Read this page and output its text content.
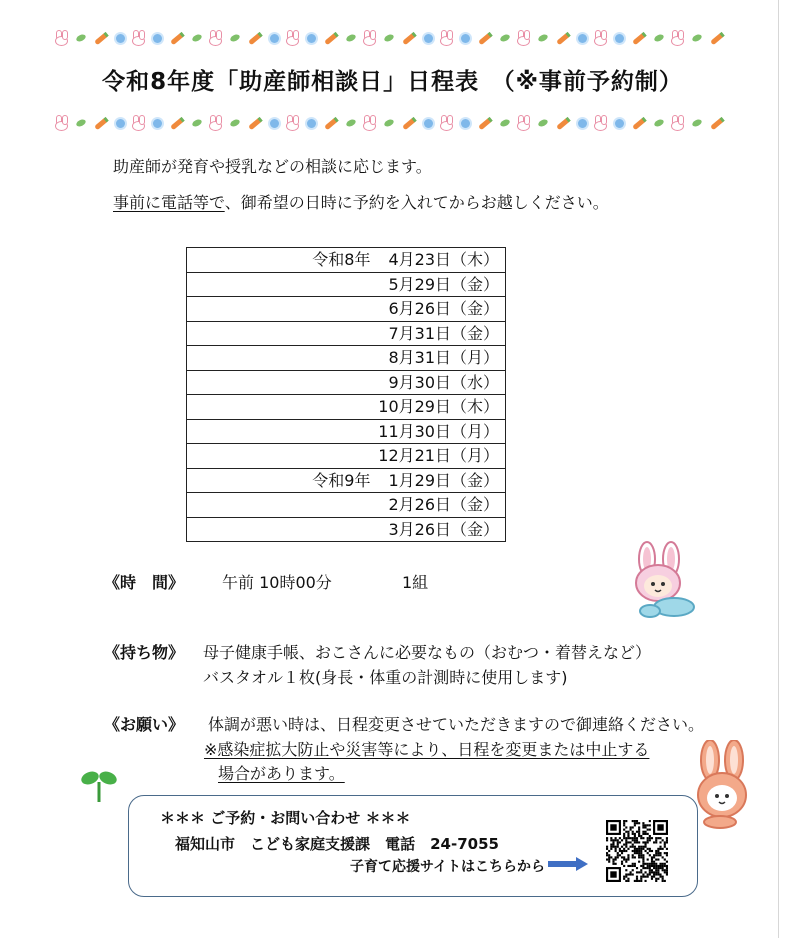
令和8年度「助産師相談日」日程表　（※事前予約制）
助産師が発育や授乳などの相談に応じます。
事前に電話等で、御希望の日時に予約を入れてからお越しください。
令和8年 4月23日（木）
5月29日（金）
6月26日（金）
7月31日（金）
8月31日（月）
9月30日（水）
10月29日（木）
11月30日（月）
12月21日（月）
令和9年 1月29日（金）
2月26日（金）
3月26日（金）
《時　間》 午前 10時00分	1組
《持ち物》 母子健康手帳、おこさんに必要なもの（おむつ・着替えなど）
バスタオル１枚(身長・体重の計測時に使用します)
《お願い》 体調が悪い時は、日程変更させていただきますので御連絡ください。
※感染症拡大防止や災害等により、日程を変更または中止する
場合があります。
＊＊＊ ご予約・お問い合わせ ＊＊＊
福知山市　 こども家庭支援課　 電話　 24-7055
子育て応援サイトはこちらから
